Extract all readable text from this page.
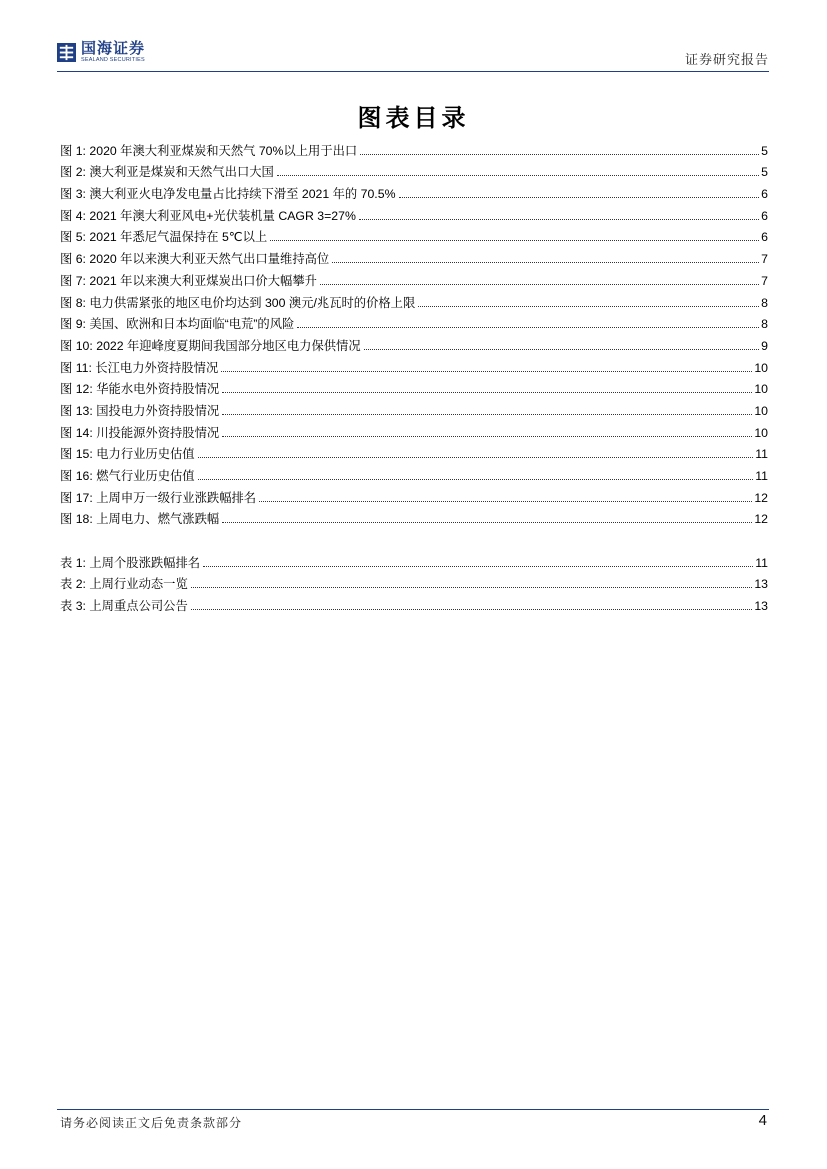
国海证券
SEALAND SECURITIES	证券研究报告
图表目录
图 1: 2020 年澳大利亚煤炭和天然气 70%以上用于出口	5
图 2: 澳大利亚是煤炭和天然气出口大国	5
图 3: 澳大利亚火电净发电量占比持续下滑至 2021 年的 70.5%	6
图 4: 2021 年澳大利亚风电+光伏装机量 CAGR 3=27%	6
图 5: 2021 年悉尼气温保持在 5℃以上	6
图 6: 2020 年以来澳大利亚天然气出口量维持高位	7
图 7: 2021 年以来澳大利亚煤炭出口价大幅攀升	7
图 8: 电力供需紧张的地区电价均达到 300 澳元/兆瓦时的价格上限	8
图 9: 美国、欧洲和日本均面临“电荒”的风险	8
图 10: 2022 年迎峰度夏期间我国部分地区电力保供情况	9
图 11: 长江电力外资持股情况	10
图 12: 华能水电外资持股情况	10
图 13: 国投电力外资持股情况	10
图 14: 川投能源外资持股情况	10
图 15: 电力行业历史估值	11
图 16: 燃气行业历史估值	11
图 17: 上周申万一级行业涨跌幅排名	12
图 18: 上周电力、燃气涨跌幅	12
表 1: 上周个股涨跌幅排名	11
表 2: 上周行业动态一览	13
表 3: 上周重点公司公告	13
请务必阅读正文后免责条款部分	4
